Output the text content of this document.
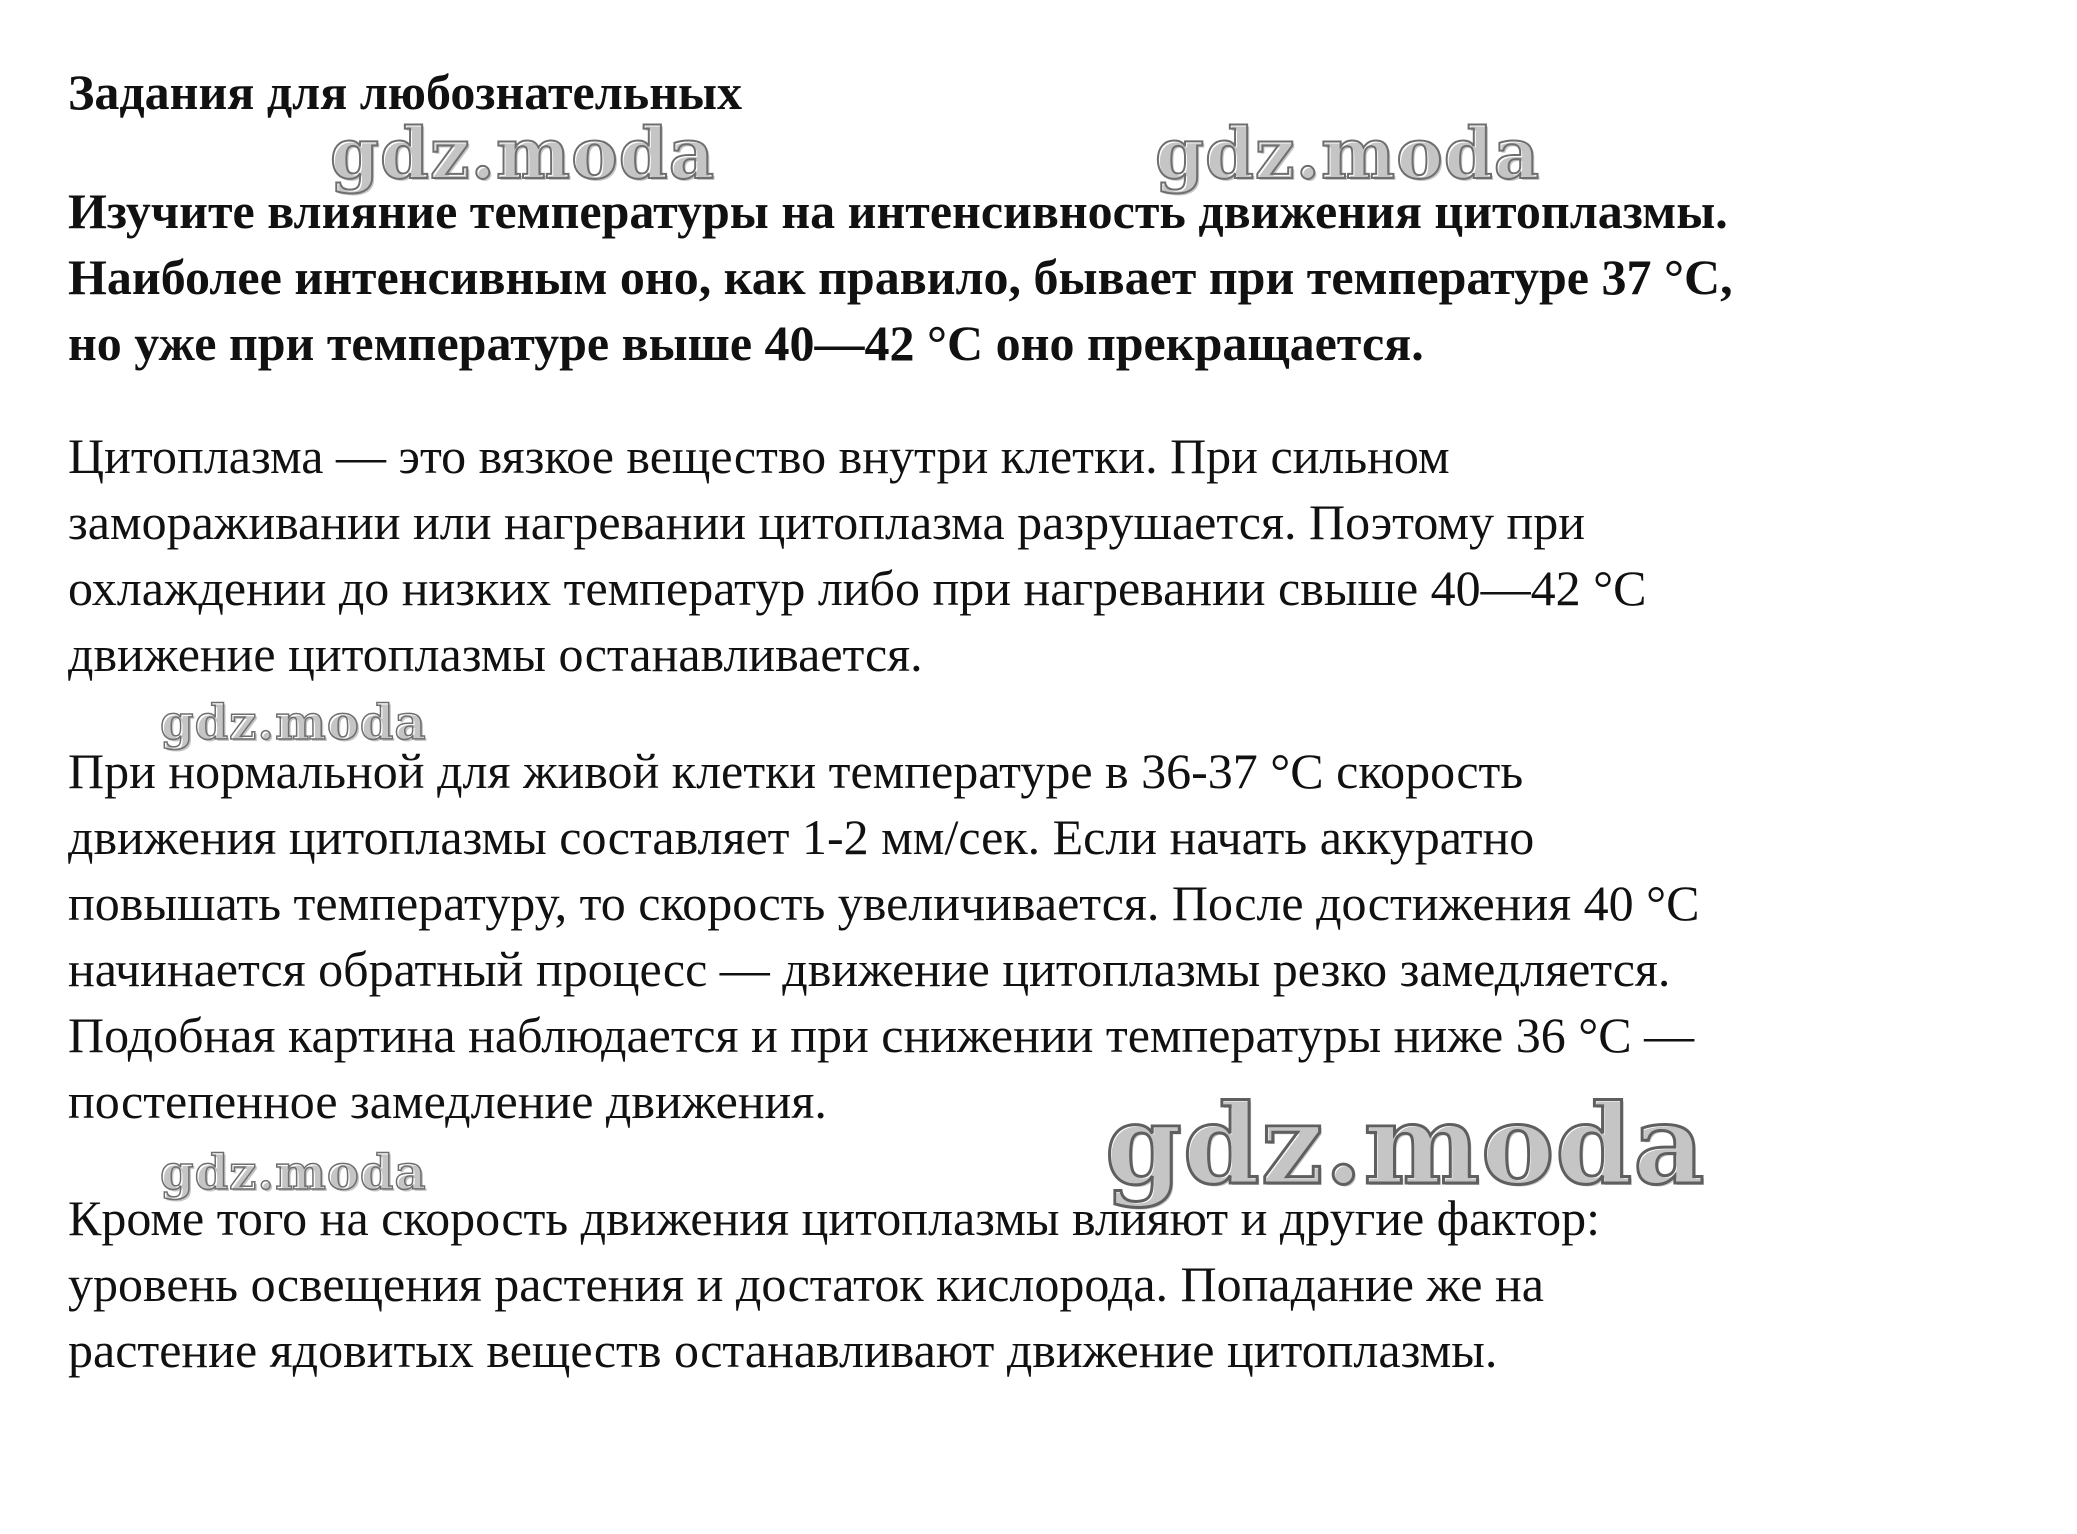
Задания для любознательных
Изучите влияние температуры на интенсивность движения цитоплазмы.
Наиболее интенсивным оно, как правило, бывает при температуре 37 °С,
но уже при температуре выше 40—42 °С оно прекращается.
Цитоплазма — это вязкое вещество внутри клетки. При сильном
замораживании или нагревании цитоплазма разрушается. Поэтому при
охлаждении до низких температур либо при нагревании свыше 40—42 °С
движение цитоплазмы останавливается.
При нормальной для живой клетки температуре в 36-37 °С скорость
движения цитоплазмы составляет 1-2 мм/сек. Если начать аккуратно
повышать температуру, то скорость увеличивается. После достижения 40 °С
начинается обратный процесс — движение цитоплазмы резко замедляется.
Подобная картина наблюдается и при снижении температуры ниже 36 °С —
постепенное замедление движения.
Кроме того на скорость движения цитоплазмы влияют и другие фактор:
уровень освещения растения и достаток кислорода. Попадание же на
растение ядовитых веществ останавливают движение цитоплазмы.
gdz.moda	gdz.moda
gdz.moda
gdz.moda
gdz.moda
